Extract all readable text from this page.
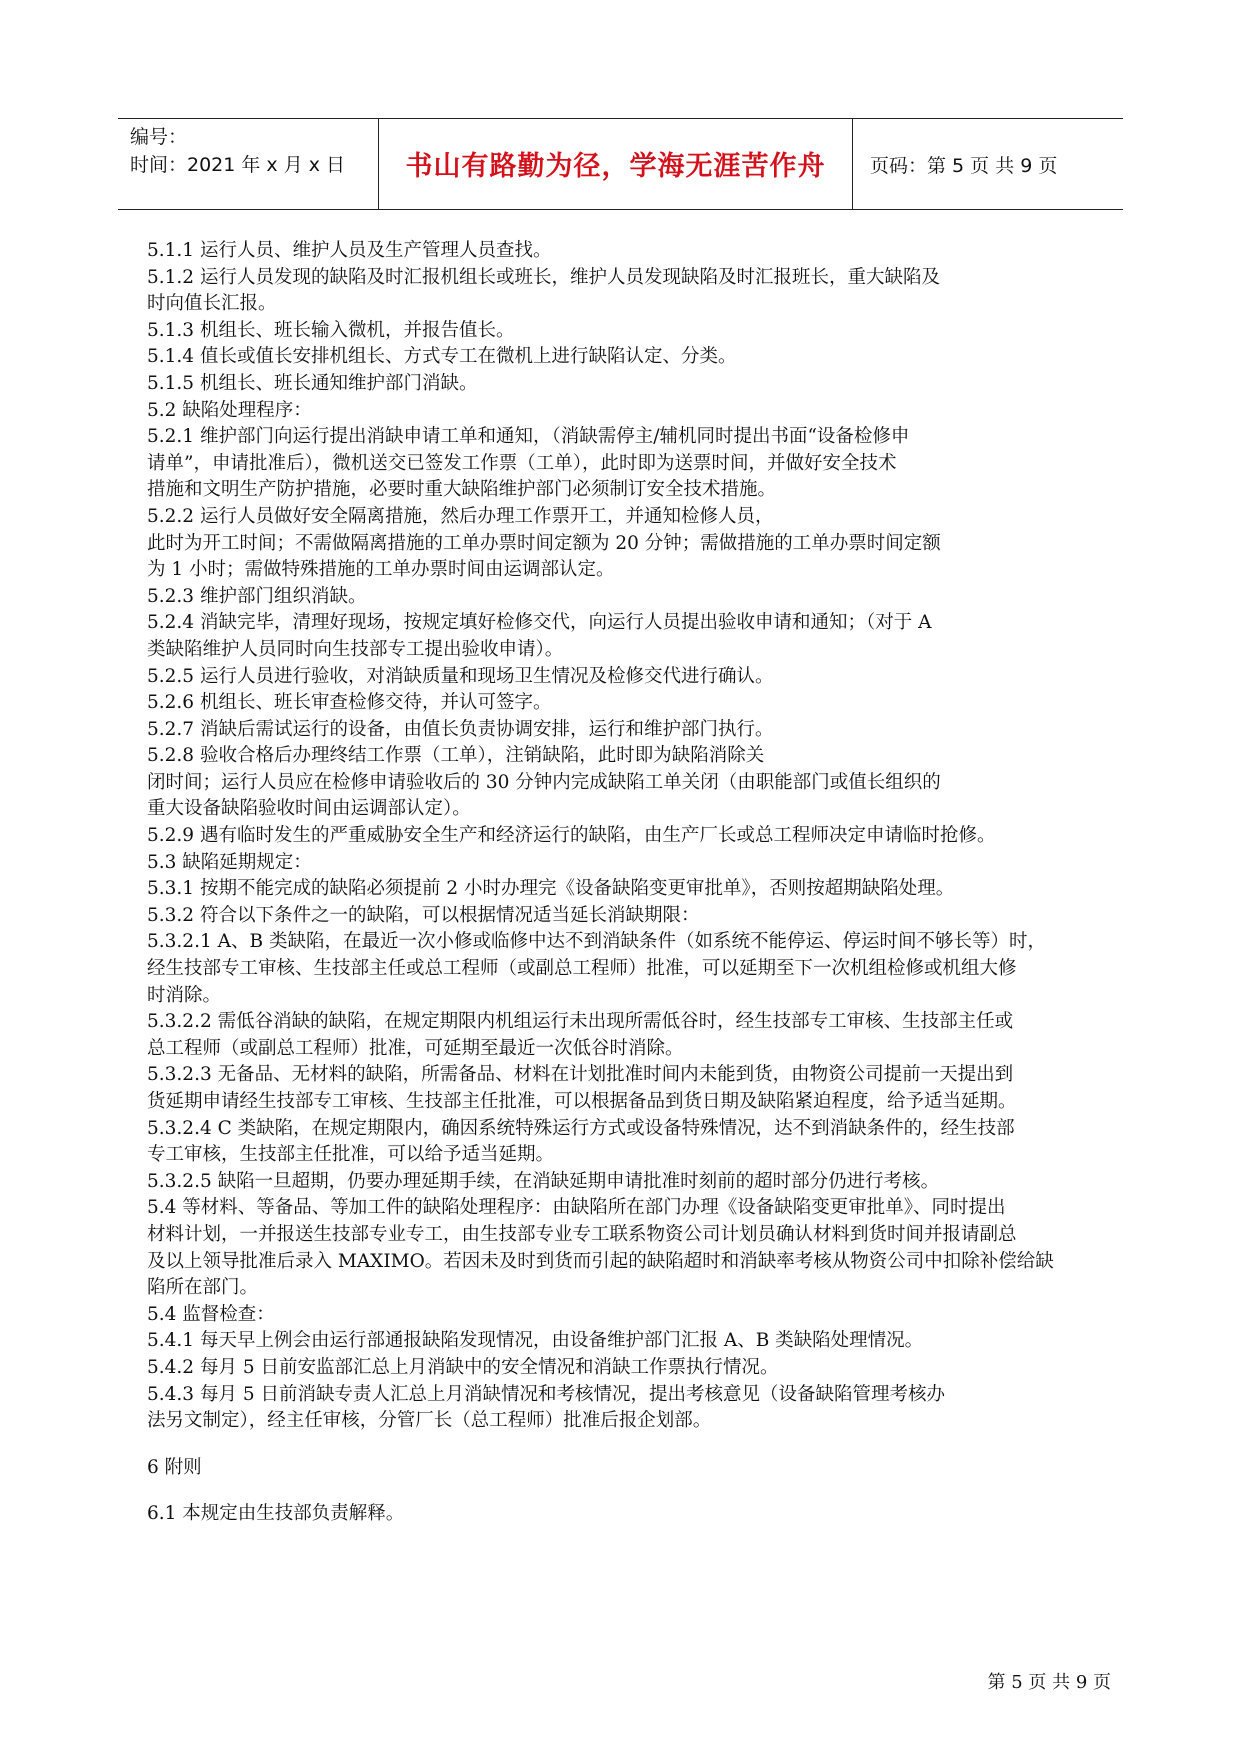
编号：
时间：2021 年 x 月 x 日	书山有路勤为径，学海无涯苦作舟 页码：第 5 页 共 9 页

5.1.1 运行人员、维护人员及生产管理人员查找。

5.1.2 运行人员发现的缺陷及时汇报机组长或班长，维护人员发现缺陷及时汇报班长，重大缺陷及

时向值长汇报。

5.1.3 机组长、班长输入微机，并报告值长。

5.1.4 值长或值长安排机组长、方式专工在微机上进行缺陷认定、分类。

5.1.5 机组长、班长通知维护部门消缺。

5.2 缺陷处理程序：

5.2.1 维护部门向运行提出消缺申请工单和通知，（消缺需停主/辅机同时提出书面“设备检修申

请单”，申请批准后），微机送交已签发工作票（工单），此时即为送票时间，并做好安全技术

措施和文明生产防护措施，必要时重大缺陷维护部门必须制订安全技术措施。

5.2.2 运行人员做好安全隔离措施，然后办理工作票开工，并通知检修人员，

此时为开工时间；不需做隔离措施的工单办票时间定额为 20 分钟；需做措施的工单办票时间定额

为 1 小时；需做特殊措施的工单办票时间由运调部认定。

5.2.3 维护部门组织消缺。

5.2.4 消缺完毕，清理好现场，按规定填好检修交代，向运行人员提出验收申请和通知；（对于 A

类缺陷维护人员同时向生技部专工提出验收申请）。

5.2.5 运行人员进行验收，对消缺质量和现场卫生情况及检修交代进行确认。

5.2.6 机组长、班长审查检修交待，并认可签字。

5.2.7 消缺后需试运行的设备，由值长负责协调安排，运行和维护部门执行。

5.2.8 验收合格后办理终结工作票（工单），注销缺陷，此时即为缺陷消除关

闭时间；运行人员应在检修申请验收后的 30 分钟内完成缺陷工单关闭（由职能部门或值长组织的

重大设备缺陷验收时间由运调部认定）。

5.2.9 遇有临时发生的严重威胁安全生产和经济运行的缺陷，由生产厂长或总工程师决定申请临时抢修。

5.3 缺陷延期规定：

5.3.1 按期不能完成的缺陷必须提前 2 小时办理完《设备缺陷变更审批单》，否则按超期缺陷处理。

5.3.2 符合以下条件之一的缺陷，可以根据情况适当延长消缺期限：

5.3.2.1 A、B 类缺陷，在最近一次小修或临修中达不到消缺条件（如系统不能停运、停运时间不够长等）时，

经生技部专工审核、生技部主任或总工程师（或副总工程师）批准，可以延期至下一次机组检修或机组大修

时消除。

5.3.2.2 需低谷消缺的缺陷，在规定期限内机组运行未出现所需低谷时，经生技部专工审核、生技部主任或

总工程师（或副总工程师）批准，可延期至最近一次低谷时消除。

5.3.2.3 无备品、无材料的缺陷，所需备品、材料在计划批准时间内未能到货，由物资公司提前一天提出到

货延期申请经生技部专工审核、生技部主任批准，可以根据备品到货日期及缺陷紧迫程度，给予适当延期。

5.3.2.4 C 类缺陷，在规定期限内，确因系统特殊运行方式或设备特殊情况，达不到消缺条件的，经生技部

专工审核，生技部主任批准，可以给予适当延期。

5.3.2.5 缺陷一旦超期，仍要办理延期手续，在消缺延期申请批准时刻前的超时部分仍进行考核。

5.4 等材料、等备品、等加工件的缺陷处理程序：由缺陷所在部门办理《设备缺陷变更审批单》、同时提出

材料计划，一并报送生技部专业专工，由生技部专业专工联系物资公司计划员确认材料到货时间并报请副总

及以上领导批准后录入 MAXIMO。若因未及时到货而引起的缺陷超时和消缺率考核从物资公司中扣除补偿给缺

陷所在部门。

5.4 监督检查：

5.4.1 每天早上例会由运行部通报缺陷发现情况，由设备维护部门汇报 A、B 类缺陷处理情况。

5.4.2 每月 5 日前安监部汇总上月消缺中的安全情况和消缺工作票执行情况。

5.4.3 每月 5 日前消缺专责人汇总上月消缺情况和考核情况，提出考核意见（设备缺陷管理考核办

法另文制定），经主任审核，分管厂长（总工程师）批准后报企划部。

6 附则

6.1 本规定由生技部负责解释。

第 5 页 共 9 页
